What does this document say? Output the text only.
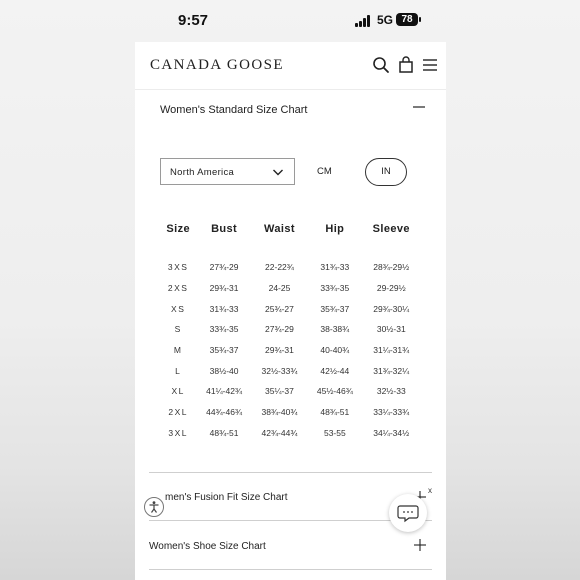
9:57	5G 78
CANADA GOOSE
Women's Standard Size Chart
North America	CM	IN
Size	Bust	Waist	Hip	Sleeve
3XS	27¾-29	22-22¾	31¾-33	28¾-29½
2XS	29¾-31	24-25	33¾-35	29-29½
XS	31¾-33	25¾-27	35¾-37	29¾-30¼
S	33¾-35	27¾-29	38-38¾	30½-31
M	35¾-37	29¾-31	40-40¾	31¼-31¾
L	38½-40	32½-33¾	42½-44	31¾-32¼
XL	41¼-42¾	35¼-37	45½-46¾	32½-33
2XL	44¾-46¾	38¾-40¾	48¾-51	33¼-33¾
3XL	48¾-51	42¾-44¾	53-55	34¼-34½
men's Fusion Fit Size Chart
Women's Shoe Size Chart
x
